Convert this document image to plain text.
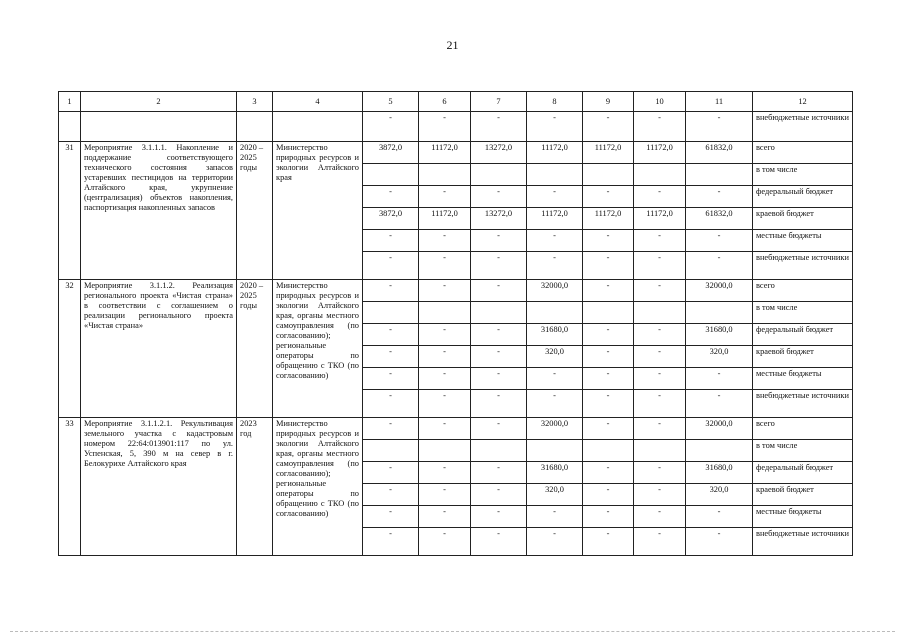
21
1	2	3	4	5	6	7	8	9	10	11	12
				-	-	-	-	-	-	-	внебюджетные источники
31	Мероприятие 3.1.1.1. Накопление и поддержание соответствующего технического состояния запасов устаревших пестицидов на территории Алтайского края, укрупнение (централизация) объектов накопления, паспортизация накопленных запасов	2020 – 2025 годы	Министерство природных ресурсов и экологии Алтайского края	3872,0	11172,0	13272,0	11172,0	11172,0	11172,0	61832,0	всего
											в том числе
				-	-	-	-	-	-	-	федеральный бюджет
				3872,0	11172,0	13272,0	11172,0	11172,0	11172,0	61832,0	краевой бюджет
				-	-	-	-	-	-	-	местные бюджеты
				-	-	-	-	-	-	-	внебюджетные источники
32	Мероприятие 3.1.1.2. Реализация регионального проекта «Чистая страна» в соответствии с соглашением о реализации регионального проекта «Чистая страна»	2020 – 2025 годы	Министерство природных ресурсов и экологии Алтайского края, органы местного самоуправления (по согласованию); региональные операторы по обращению с ТКО (по согласованию)	-	-	-	32000,0	-	-	32000,0	всего
											в том числе
				-	-	-	31680,0	-	-	31680,0	федеральный бюджет
				-	-	-	320,0	-	-	320,0	краевой бюджет
				-	-	-	-	-	-	-	местные бюджеты
				-	-	-	-	-	-	-	внебюджетные источники
33	Мероприятие 3.1.1.2.1. Рекультивация земельного участка с кадастровым номером 22:64:013901:117 по ул. Успенская, 5, 390 м на север в г. Белокурихе Алтайского края	2023 год	Министерство природных ресурсов и экологии Алтайского края, органы местного самоуправления (по согласованию); региональные операторы по обращению с ТКО (по согласованию)	-	-	-	32000,0	-	-	32000,0	всего
											в том числе
				-	-	-	31680,0	-	-	31680,0	федеральный бюджет
				-	-	-	320,0	-	-	320,0	краевой бюджет
				-	-	-	-	-	-	-	местные бюджеты
				-	-	-	-	-	-	-	внебюджетные источники
